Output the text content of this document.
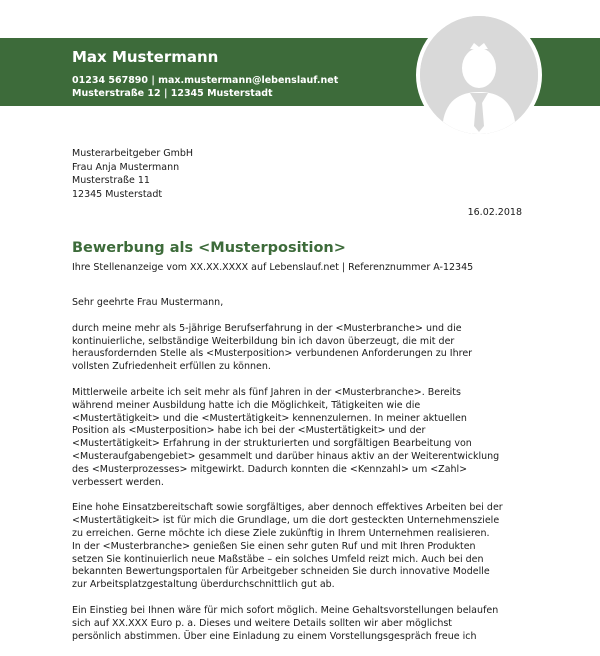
Max Mustermann
01234 567890 | max.mustermann@lebenslauf.net
Musterstraße 12 | 12345 Musterstadt
Musterarbeitgeber GmbH
Frau Anja Mustermann
Musterstraße 11
12345 Musterstadt
16.02.2018
Bewerbung als <Musterposition>
Ihre Stellenanzeige vom XX.XX.XXXX auf Lebenslauf.net | Referenznummer A-12345

Sehr geehrte Frau Mustermann,

durch meine mehr als 5-jährige Berufserfahrung in der <Musterbranche> und die
kontinuierliche, selbständige Weiterbildung bin ich davon überzeugt, die mit der
herausfordernden Stelle als <Musterposition> verbundenen Anforderungen zu Ihrer
vollsten Zufriedenheit erfüllen zu können.

Mittlerweile arbeite ich seit mehr als fünf Jahren in der <Musterbranche>. Bereits
während meiner Ausbildung hatte ich die Möglichkeit, Tätigkeiten wie die
<Mustertätigkeit> und die <Mustertätigkeit> kennenzulernen. In meiner aktuellen
Position als <Musterposition> habe ich bei der <Mustertätigkeit> und der
<Mustertätigkeit> Erfahrung in der strukturierten und sorgfältigen Bearbeitung von
<Musteraufgabengebiet> gesammelt und darüber hinaus aktiv an der Weiterentwicklung
des <Musterprozesses> mitgewirkt. Dadurch konnten die <Kennzahl> um <Zahl>
verbessert werden.

Eine hohe Einsatzbereitschaft sowie sorgfältiges, aber dennoch effektives Arbeiten bei der
<Mustertätigkeit> ist für mich die Grundlage, um die dort gesteckten Unternehmensziele
zu erreichen. Gerne möchte ich diese Ziele zukünftig in Ihrem Unternehmen realisieren.
In der <Musterbranche> genießen Sie einen sehr guten Ruf und mit Ihren Produkten
setzen Sie kontinuierlich neue Maßstäbe – ein solches Umfeld reizt mich. Auch bei den
bekannten Bewertungsportalen für Arbeitgeber schneiden Sie durch innovative Modelle
zur Arbeitsplatzgestaltung überdurchschnittlich gut ab.

Ein Einstieg bei Ihnen wäre für mich sofort möglich. Meine Gehaltsvorstellungen belaufen
sich auf XX.XXX Euro p. a. Dieses und weitere Details sollten wir aber möglichst
persönlich abstimmen. Über eine Einladung zu einem Vorstellungsgespräch freue ich
